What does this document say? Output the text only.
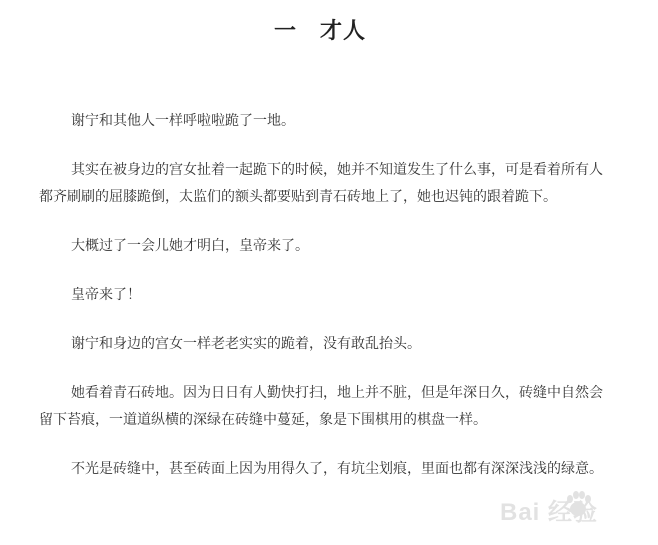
一　才人

谢宁和其他人一样呼啦啦跪了一地。

其实在被身边的宫女扯着一起跪下的时候，她并不知道发生了什么事，可是看着所有人都齐刷刷的屈膝跪倒，太监们的额头都要贴到青石砖地上了，她也迟钝的跟着跪下。

大概过了一会儿她才明白，皇帝来了。

皇帝来了！

谢宁和身边的宫女一样老老实实的跪着，没有敢乱抬头。

她看着青石砖地。因为日日有人勤快打扫，地上并不脏，但是年深日久，砖缝中自然会留下苔痕，一道道纵横的深绿在砖缝中蔓延，象是下围棋用的棋盘一样。

不光是砖缝中，甚至砖面上因为用得久了，有坑尘划痕，里面也都有深深浅浅的绿意。

Bai 经验
